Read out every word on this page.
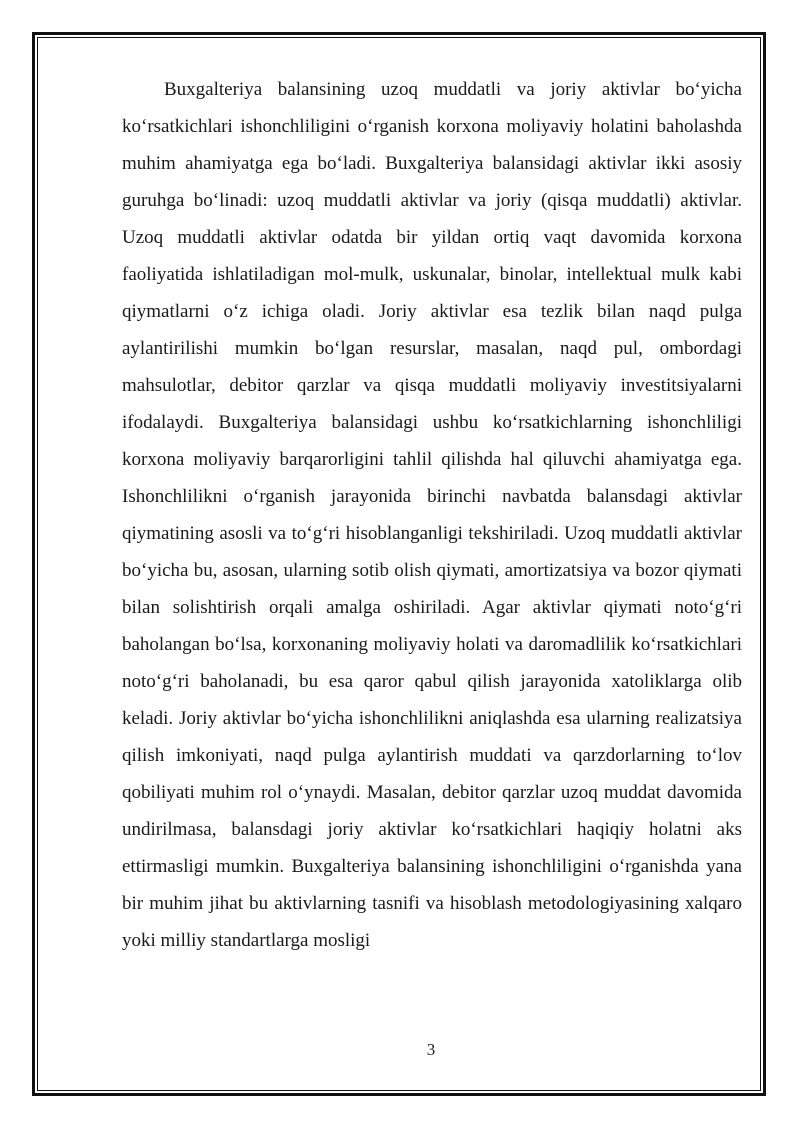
Buxgalteriya balansining uzoq muddatli va joriy aktivlar bo‘yicha ko‘rsatkichlari ishonchliligini o‘rganish korxona moliyaviy holatini baholashda muhim ahamiyatga ega bo‘ladi. Buxgalteriya balansidagi aktivlar ikki asosiy guruhga bo‘linadi: uzoq muddatli aktivlar va joriy (qisqa muddatli) aktivlar. Uzoq muddatli aktivlar odatda bir yildan ortiq vaqt davomida korxona faoliyatida ishlatiladigan mol-mulk, uskunalar, binolar, intellektual mulk kabi qiymatlarni o‘z ichiga oladi. Joriy aktivlar esa tezlik bilan naqd pulga aylantirilishi mumkin bo‘lgan resurslar, masalan, naqd pul, ombordagi mahsulotlar, debitor qarzlar va qisqa muddatli moliyaviy investitsiyalarni ifodalaydi. Buxgalteriya balansidagi ushbu ko‘rsatkichlarning ishonchliligi korxona moliyaviy barqarorligini tahlil qilishda hal qiluvchi ahamiyatga ega. Ishonchlilikni o‘rganish jarayonida birinchi navbatda balansdagi aktivlar qiymatining asosli va to‘g‘ri hisoblanganligi tekshiriladi. Uzoq muddatli aktivlar bo‘yicha bu, asosan, ularning sotib olish qiymati, amortizatsiya va bozor qiymati bilan solishtirish orqali amalga oshiriladi. Agar aktivlar qiymati noto‘g‘ri baholangan bo‘lsa, korxonaning moliyaviy holati va daromadlilik ko‘rsatkichlari noto‘g‘ri baholanadi, bu esa qaror qabul qilish jarayonida xatoliklarga olib keladi. Joriy aktivlar bo‘yicha ishonchlilikni aniqlashda esa ularning realizatsiya qilish imkoniyati, naqd pulga aylantirish muddati va qarzdorlarning to‘lov qobiliyati muhim rol o‘ynaydi. Masalan, debitor qarzlar uzoq muddat davomida undirilmasa, balansdagi joriy aktivlar ko‘rsatkichlari haqiqiy holatni aks ettirmasligi mumkin. Buxgalteriya balansining ishonchliligini o‘rganishda yana bir muhim jihat bu aktivlarning tasnifi va hisoblash metodologiyasining xalqaro yoki milliy standartlarga mosligi

3
